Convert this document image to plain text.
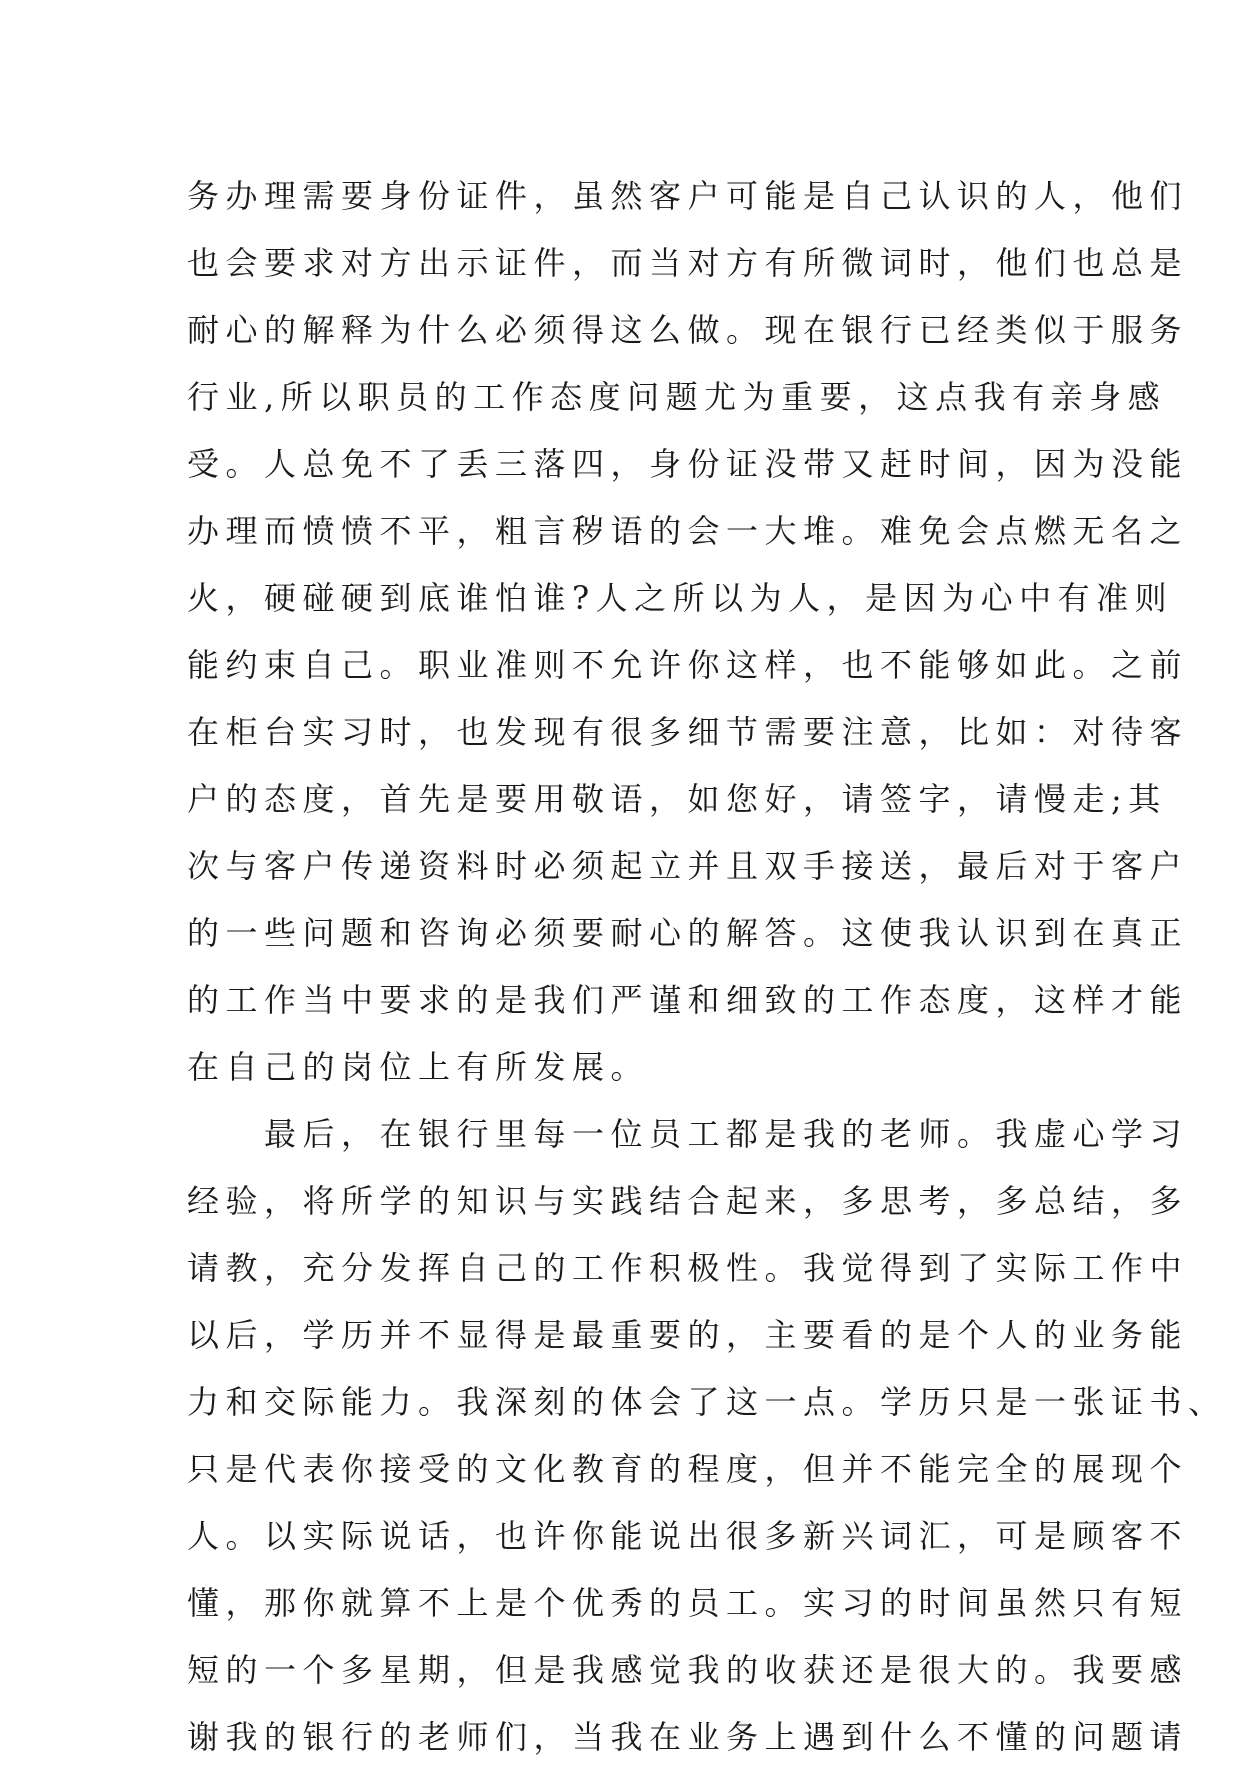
务办理需要身份证件，虽然客户可能是自己认识的人，他们
也会要求对方出示证件，而当对方有所微词时，他们也总是
耐心的解释为什么必须得这么做。现在银行已经类似于服务
行业,所以职员的工作态度问题尤为重要，这点我有亲身感
受。人总免不了丢三落四，身份证没带又赶时间，因为没能
办理而愤愤不平，粗言秽语的会一大堆。难免会点燃无名之
火，硬碰硬到底谁怕谁?人之所以为人，是因为心中有准则
能约束自己。职业准则不允许你这样，也不能够如此。之前
在柜台实习时，也发现有很多细节需要注意，比如：对待客
户的态度，首先是要用敬语，如您好，请签字，请慢走;其
次与客户传递资料时必须起立并且双手接送，最后对于客户
的一些问题和咨询必须要耐心的解答。这使我认识到在真正
的工作当中要求的是我们严谨和细致的工作态度，这样才能
在自己的岗位上有所发展。
最后，在银行里每一位员工都是我的老师。我虚心学习
经验，将所学的知识与实践结合起来，多思考，多总结，多
请教，充分发挥自己的工作积极性。我觉得到了实际工作中
以后，学历并不显得是最重要的，主要看的是个人的业务能
力和交际能力。我深刻的体会了这一点。学历只是一张证书、
只是代表你接受的文化教育的程度，但并不能完全的展现个
人。以实际说话，也许你能说出很多新兴词汇，可是顾客不
懂，那你就算不上是个优秀的员工。实习的时间虽然只有短
短的一个多星期，但是我感觉我的收获还是很大的。我要感
谢我的银行的老师们，当我在业务上遇到什么不懂的问题请
